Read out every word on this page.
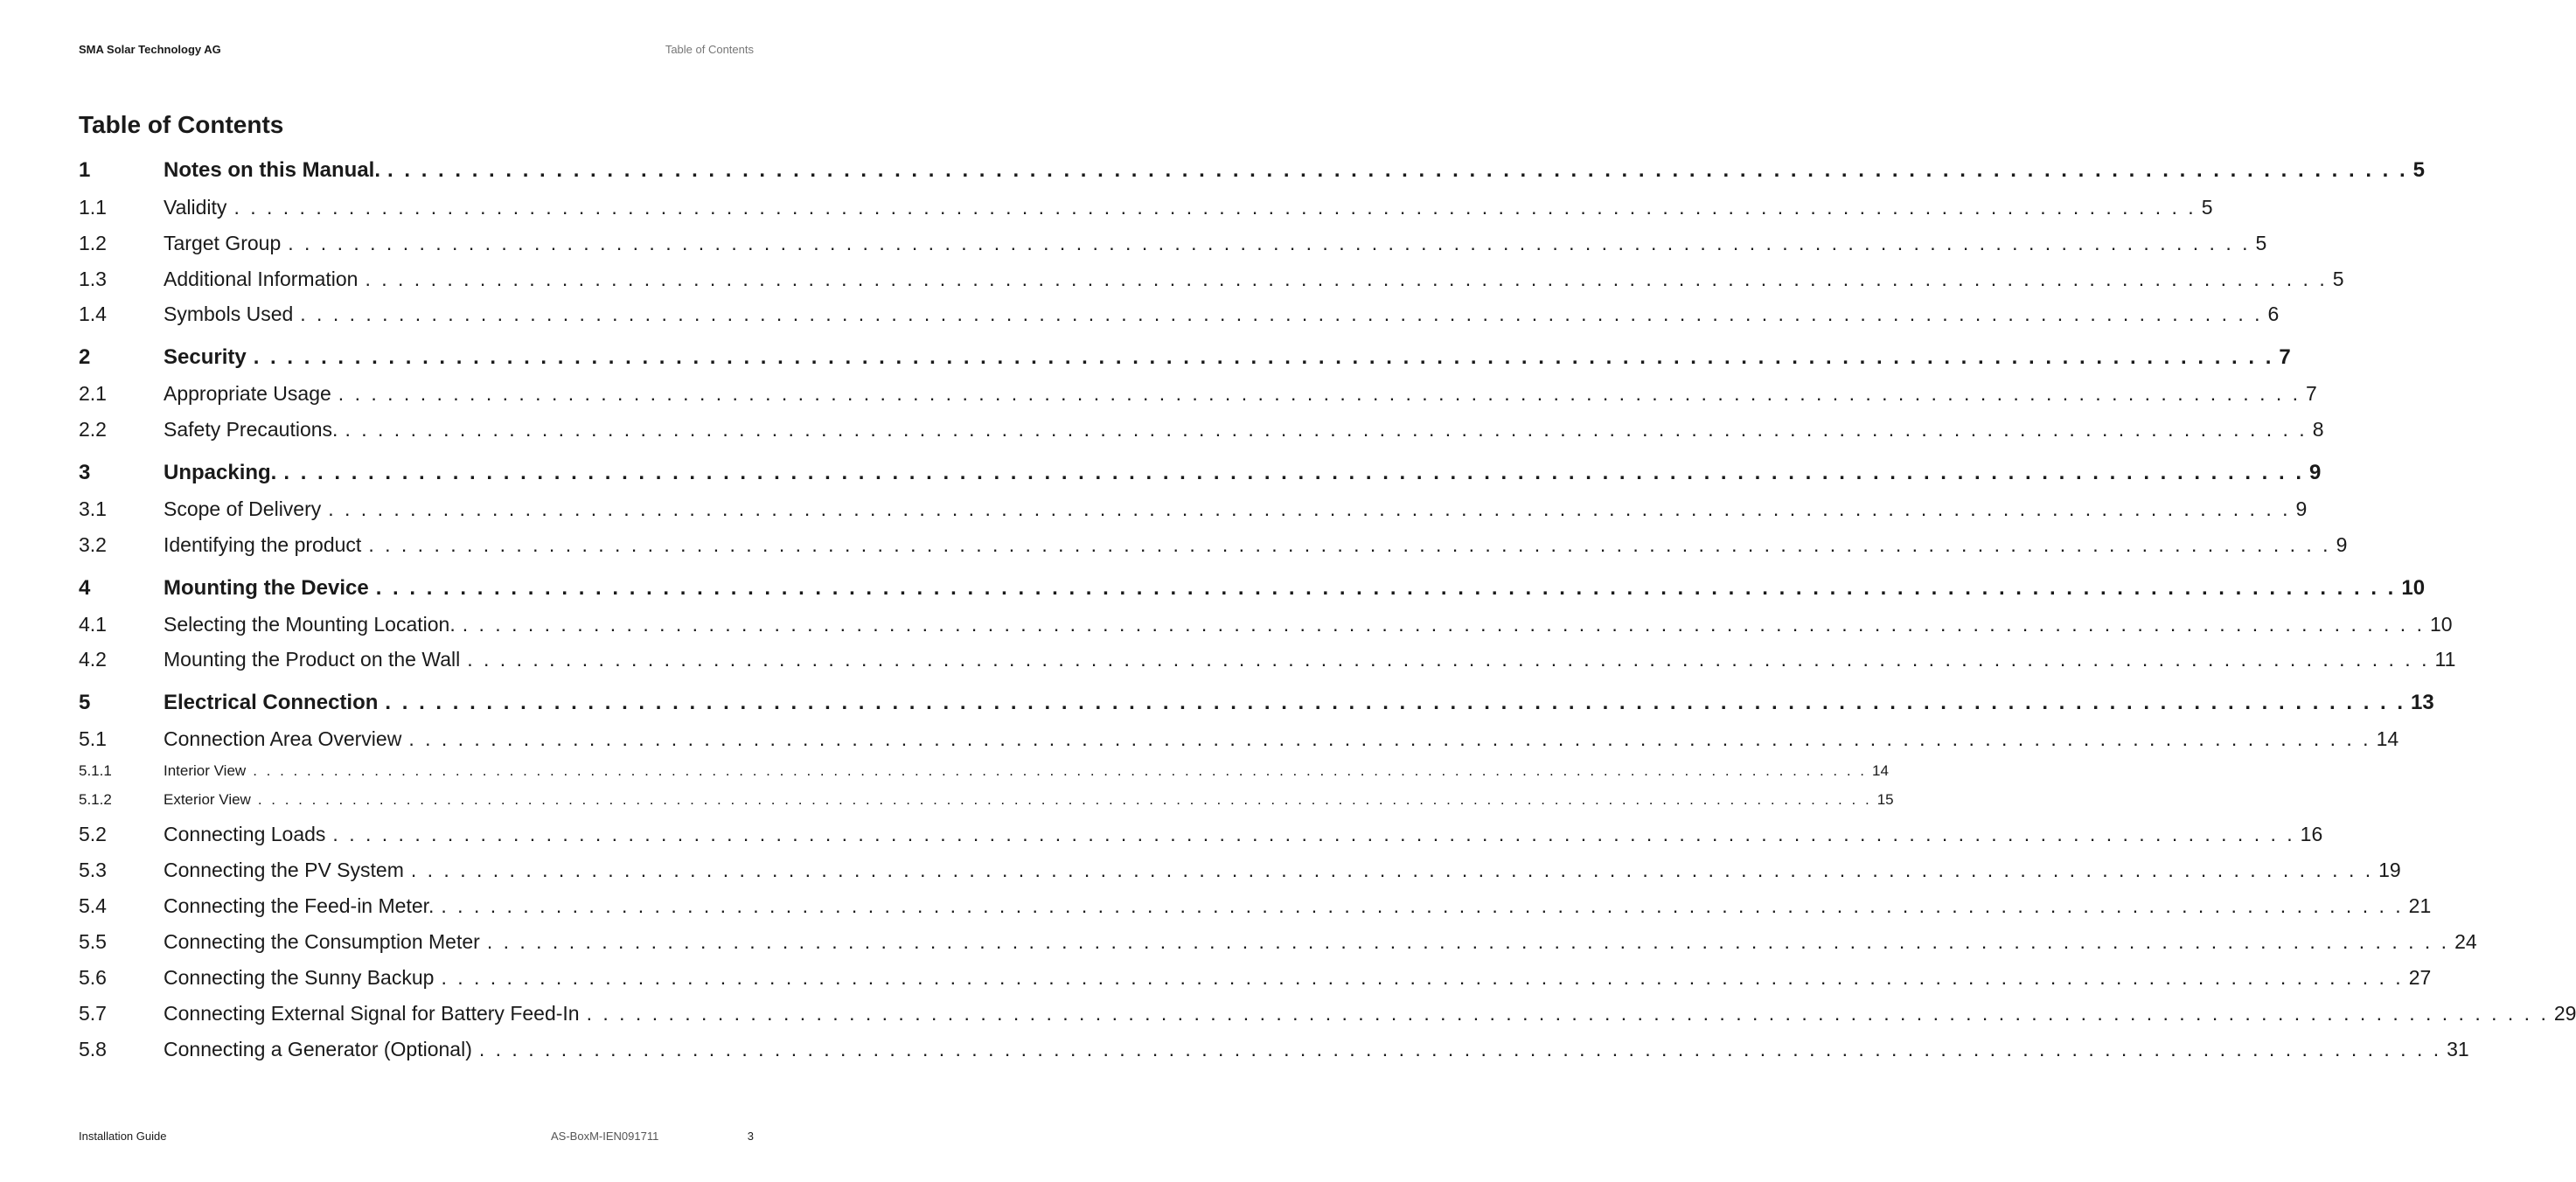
SMA Solar Technology AG	Table of Contents
Table of Contents
1	Notes on this Manual. . . . . . . . . . . . . . . . . . . . . . . . . . . . . . . . . . . . . . . . . . . . . . . . . . . . . . . . . . . . . . . . . . . . . . . . . . . . . . . . . . . . . . . . . . . . . . . . . . . . . . . . . . . . . . . . . . . . . . . . . 5
1.1	Validity . . . . . . . . . . . . . . . . . . . . . . . . . . . . . . . . . . . . . . . . . . . . . . . . . . . . . . . . . . . . . . . . . . . . . . . . . . . . . . . . . . . . . . . . . . . . . . . . . . . . . . . . . . . . . . . . . . . . . . . . 5
1.2	Target Group . . . . . . . . . . . . . . . . . . . . . . . . . . . . . . . . . . . . . . . . . . . . . . . . . . . . . . . . . . . . . . . . . . . . . . . . . . . . . . . . . . . . . . . . . . . . . . . . . . . . . . . . . . . . . . . . . . . . . . . . 5
1.3	Additional Information . . . . . . . . . . . . . . . . . . . . . . . . . . . . . . . . . . . . . . . . . . . . . . . . . . . . . . . . . . . . . . . . . . . . . . . . . . . . . . . . . . . . . . . . . . . . . . . . . . . . . . . . . . . . . . . . . . . . . . . . 5
1.4	Symbols Used . . . . . . . . . . . . . . . . . . . . . . . . . . . . . . . . . . . . . . . . . . . . . . . . . . . . . . . . . . . . . . . . . . . . . . . . . . . . . . . . . . . . . . . . . . . . . . . . . . . . . . . . . . . . . . . . . . . . . . . . 6
2	Security . . . . . . . . . . . . . . . . . . . . . . . . . . . . . . . . . . . . . . . . . . . . . . . . . . . . . . . . . . . . . . . . . . . . . . . . . . . . . . . . . . . . . . . . . . . . . . . . . . . . . . . . . . . . . . . . . . . . . . . . 7
2.1	Appropriate Usage . . . . . . . . . . . . . . . . . . . . . . . . . . . . . . . . . . . . . . . . . . . . . . . . . . . . . . . . . . . . . . . . . . . . . . . . . . . . . . . . . . . . . . . . . . . . . . . . . . . . . . . . . . . . . . . . . . . . . . . . 7
2.2	Safety Precautions. . . . . . . . . . . . . . . . . . . . . . . . . . . . . . . . . . . . . . . . . . . . . . . . . . . . . . . . . . . . . . . . . . . . . . . . . . . . . . . . . . . . . . . . . . . . . . . . . . . . . . . . . . . . . . . . . . . . . . . . . 8
3	Unpacking. . . . . . . . . . . . . . . . . . . . . . . . . . . . . . . . . . . . . . . . . . . . . . . . . . . . . . . . . . . . . . . . . . . . . . . . . . . . . . . . . . . . . . . . . . . . . . . . . . . . . . . . . . . . . . . . . . . . . . . . . 9
3.1	Scope of Delivery . . . . . . . . . . . . . . . . . . . . . . . . . . . . . . . . . . . . . . . . . . . . . . . . . . . . . . . . . . . . . . . . . . . . . . . . . . . . . . . . . . . . . . . . . . . . . . . . . . . . . . . . . . . . . . . . . . . . . . . . 9
3.2	Identifying the product . . . . . . . . . . . . . . . . . . . . . . . . . . . . . . . . . . . . . . . . . . . . . . . . . . . . . . . . . . . . . . . . . . . . . . . . . . . . . . . . . . . . . . . . . . . . . . . . . . . . . . . . . . . . . . . . . . . . . . . . 9
4	Mounting the Device . . . . . . . . . . . . . . . . . . . . . . . . . . . . . . . . . . . . . . . . . . . . . . . . . . . . . . . . . . . . . . . . . . . . . . . . . . . . . . . . . . . . . . . . . . . . . . . . . . . . . . . . . . . . . . . . . . . . . . . . 10
4.1	Selecting the Mounting Location. . . . . . . . . . . . . . . . . . . . . . . . . . . . . . . . . . . . . . . . . . . . . . . . . . . . . . . . . . . . . . . . . . . . . . . . . . . . . . . . . . . . . . . . . . . . . . . . . . . . . . . . . . . . . . . . . . . . . . . . . 10
4.2	Mounting the Product on the Wall . . . . . . . . . . . . . . . . . . . . . . . . . . . . . . . . . . . . . . . . . . . . . . . . . . . . . . . . . . . . . . . . . . . . . . . . . . . . . . . . . . . . . . . . . . . . . . . . . . . . . . . . . . . . . . . . . . . . . . . . 11
5	Electrical Connection . . . . . . . . . . . . . . . . . . . . . . . . . . . . . . . . . . . . . . . . . . . . . . . . . . . . . . . . . . . . . . . . . . . . . . . . . . . . . . . . . . . . . . . . . . . . . . . . . . . . . . . . . . . . . . . . . . . . . . . . 13
5.1	Connection Area Overview . . . . . . . . . . . . . . . . . . . . . . . . . . . . . . . . . . . . . . . . . . . . . . . . . . . . . . . . . . . . . . . . . . . . . . . . . . . . . . . . . . . . . . . . . . . . . . . . . . . . . . . . . . . . . . . . . . . . . . . . 14
5.1.1	Interior View . . . . . . . . . . . . . . . . . . . . . . . . . . . . . . . . . . . . . . . . . . . . . . . . . . . . . . . . . . . . . . . . . . . . . . . . . . . . . . . . . . . . . . . . . . . . . . . . . . . . . . . . . . . . . . . . . . . . . . . . 14
5.1.2	Exterior View . . . . . . . . . . . . . . . . . . . . . . . . . . . . . . . . . . . . . . . . . . . . . . . . . . . . . . . . . . . . . . . . . . . . . . . . . . . . . . . . . . . . . . . . . . . . . . . . . . . . . . . . . . . . . . . . . . . . . . . . 15
5.2	Connecting Loads . . . . . . . . . . . . . . . . . . . . . . . . . . . . . . . . . . . . . . . . . . . . . . . . . . . . . . . . . . . . . . . . . . . . . . . . . . . . . . . . . . . . . . . . . . . . . . . . . . . . . . . . . . . . . . . . . . . . . . . . 16
5.3	Connecting the PV System . . . . . . . . . . . . . . . . . . . . . . . . . . . . . . . . . . . . . . . . . . . . . . . . . . . . . . . . . . . . . . . . . . . . . . . . . . . . . . . . . . . . . . . . . . . . . . . . . . . . . . . . . . . . . . . . . . . . . . . . 19
5.4	Connecting the Feed-in Meter. . . . . . . . . . . . . . . . . . . . . . . . . . . . . . . . . . . . . . . . . . . . . . . . . . . . . . . . . . . . . . . . . . . . . . . . . . . . . . . . . . . . . . . . . . . . . . . . . . . . . . . . . . . . . . . . . . . . . . . . . 21
5.5	Connecting the Consumption Meter . . . . . . . . . . . . . . . . . . . . . . . . . . . . . . . . . . . . . . . . . . . . . . . . . . . . . . . . . . . . . . . . . . . . . . . . . . . . . . . . . . . . . . . . . . . . . . . . . . . . . . . . . . . . . . . . . . . . . . . . 24
5.6	Connecting the Sunny Backup . . . . . . . . . . . . . . . . . . . . . . . . . . . . . . . . . . . . . . . . . . . . . . . . . . . . . . . . . . . . . . . . . . . . . . . . . . . . . . . . . . . . . . . . . . . . . . . . . . . . . . . . . . . . . . . . . . . . . . . . 27
5.7	Connecting External Signal for Battery Feed-In . . . . . . . . . . . . . . . . . . . . . . . . . . . . . . . . . . . . . . . . . . . . . . . . . . . . . . . . . . . . . . . . . . . . . . . . . . . . . . . . . . . . . . . . . . . . . . . . . . . . . . . . . . . . . . . . . . . . . . . . 29
5.8	Connecting a Generator (Optional) . . . . . . . . . . . . . . . . . . . . . . . . . . . . . . . . . . . . . . . . . . . . . . . . . . . . . . . . . . . . . . . . . . . . . . . . . . . . . . . . . . . . . . . . . . . . . . . . . . . . . . . . . . . . . . . . . . . . . . . . 31
Installation Guide	AS-BoxM-IEN091711	3
